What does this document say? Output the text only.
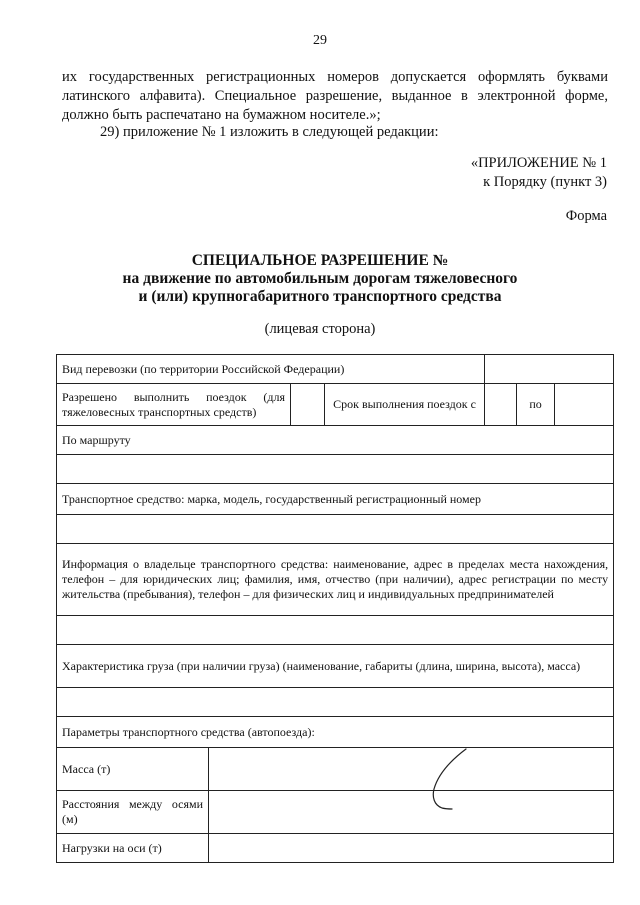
29
их государственных регистрационных номеров допускается оформлять буквами
латинского алфавита). Специальное разрешение, выданное в электронной форме,
должно быть распечатано на бумажном носителе.»;
29) приложение № 1 изложить в следующей редакции:
«ПРИЛОЖЕНИЕ № 1
к Порядку (пункт 3)
Форма
СПЕЦИАЛЬНОЕ РАЗРЕШЕНИЕ №
на движение по автомобильным дорогам тяжеловесного
и (или) крупногабаритного транспортного средства
(лицевая сторона)
Вид перевозки (по территории Российской Федерации)						
Разрешено выполнить поездок (для тяжеловесных транспортных средств)			Срок выполнения поездок с		по	
По маршруту						

Транспортное средство: марка, модель, государственный регистрационный номер						

Информация о владельце транспортного средства: наименование, адрес в пределах места нахождения, телефон – для юридических лиц; фамилия, имя, отчество (при наличии), адрес регистрации по месту жительства (пребывания), телефон – для физических лиц и индивидуальных предпринимателей						

Характеристика груза (при наличии груза) (наименование, габариты (длина, ширина, высота), масса)						

Параметры транспортного средства (автопоезда):						
Масса (т)						
Расстояния между осями (м)						
Нагрузки на оси (т)						
